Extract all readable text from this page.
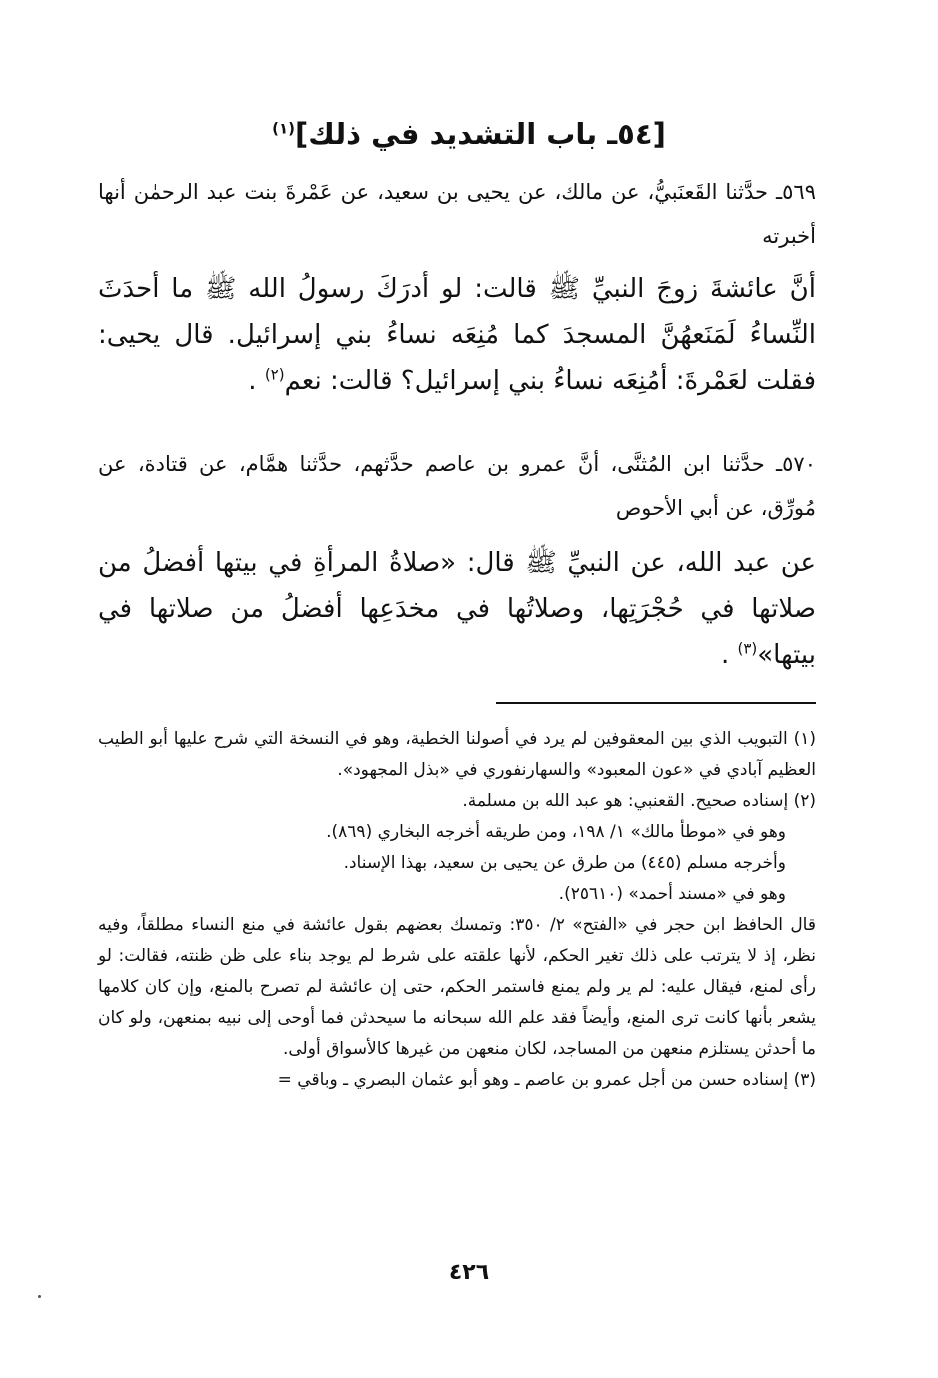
[٥٤ـ باب التشديد في ذلك]$^{(١)}$
٥٦٩ـ حدَّثنا القَعنَبيُّ، عن مالك، عن يحيى بن سعيد، عن عَمْرةَ بنت عبد الرحمٰن أنها أخبرته
أنَّ عائشةَ زوجَ النبيِّ ﷺ قالت: لو أدرَكَ رسولُ الله ﷺ ما أحدَثَ النِّساءُ لَمَنَعهُنَّ المسجدَ كما مُنِعَه نساءُ بني إسرائيل. قال يحيى: فقلت لعَمْرةَ: أمُنِعَه نساءُ بني إسرائيل؟ قالت: نعم$^{(٢)}$ .
٥٧٠ـ حدَّثنا ابن المُثنَّى، أنَّ عمرو بن عاصم حدَّثهم، حدَّثنا همَّام، عن قتادة، عن مُورِّق، عن أبي الأحوص
عن عبد الله، عن النبيِّ ﷺ قال: «صلاةُ المرأةِ في بيتها أفضلُ من صلاتها في حُجْرَتِها، وصلاتُها في مخدَعِها أفضلُ من صلاتها في بيتها»$^{(٣)}$ .

(١) التبويب الذي بين المعقوفين لم يرد في أصولنا الخطية، وهو في النسخة التي شرح عليها أبو الطيب العظيم آبادي في «عون المعبود» والسهارنفوري في «بذل المجهود».

(٢) إسناده صحيح. القعنبي: هو عبد الله بن مسلمة.

وهو في «موطأ مالك» ١/ ١٩٨، ومن طريقه أخرجه البخاري (٨٦٩).

وأخرجه مسلم (٤٤٥) من طرق عن يحيى بن سعيد، بهذا الإسناد.

وهو في «مسند أحمد» (٢٥٦١٠).

قال الحافظ ابن حجر في «الفتح» ٢/ ٣٥٠: وتمسك بعضهم بقول عائشة في منع النساء مطلقاً، وفيه نظر، إذ لا يترتب على ذلك تغير الحكم، لأنها علقته على شرط لم يوجد بناء على ظن ظنته، فقالت: لو رأى لمنع، فيقال عليه: لم ير ولم يمنع فاستمر الحكم، حتى إن عائشة لم تصرح بالمنع، وإن كان كلامها يشعر بأنها كانت ترى المنع، وأيضاً فقد علم الله سبحانه ما سيحدثن فما أوحى إلى نبيه بمنعهن، ولو كان ما أحدثن يستلزم منعهن من المساجد، لكان منعهن من غيرها كالأسواق أولى.

(٣) إسناده حسن من أجل عمرو بن عاصم ـ وهو أبو عثمان البصري ـ وباقي =

٤٢٦
